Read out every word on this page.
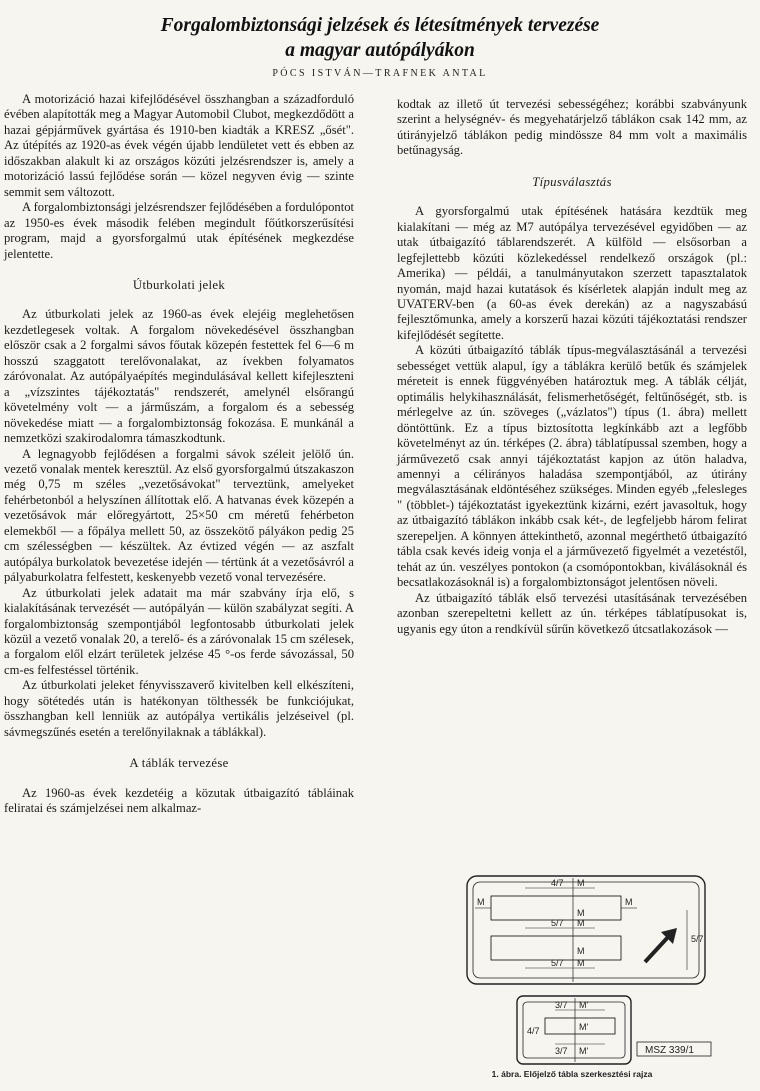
Forgalombiztonsági jelzések és létesítmények tervezése
a magyar autópályákon
PÓCS ISTVÁN—TRAFNEK ANTAL

A motorizáció hazai kifejlődésével összhangban a századforduló évében alapították meg a Magyar Automobil Clubot, megkezdődött a hazai gépjárművek gyártása és 1910-ben kiadták a KRESZ „ősét". Az útépítés az 1920-as évek végén újabb lendületet vett és ebben az időszakban alakult ki az országos közúti jelzésrendszer is, amely a motorizáció lassú fejlődése során — közel negyven évig — szinte semmit sem változott.

A forgalombiztonsági jelzésrendszer fejlődésében a fordulópontot az 1950-es évek második felében megindult főútkorszerűsítési program, majd a gyorsforgalmú utak építésének megkezdése jelentette.

Útburkolati jelek

Az útburkolati jelek az 1960-as évek elejéig meglehetősen kezdetlegesek voltak. A forgalom növekedésével összhangban először csak a 2 forgalmi sávos főutak közepén festettek fel 6—6 m hosszú szaggatott terelővonalakat, az ívekben folyamatos záróvonalat. Az autópályaépítés megindulásával kellett kifejleszteni a „vízszintes tájékoztatás" rendszerét, amelynél elsőrangú követelmény volt — a járműszám, a forgalom és a sebesség növekedése miatt — a forgalombiztonság fokozása. E munkánál a nemzetközi szakirodalomra támaszkodtunk.

A legnagyobb fejlődésen a forgalmi sávok széleit jelölő ún. vezető vonalak mentek keresztül. Az első gyorsforgalmú útszakaszon még 0,75 m széles „vezetősávokat" terveztünk, amelyeket fehérbetonból a helyszínen állítottak elő. A hatvanas évek közepén a vezetősávok már előregyártott, 25×50 cm méretű fehérbeton elemekből — a főpálya mellett 50, az összekötő pályákon pedig 25 cm szélességben — készültek. Az évtized végén — az aszfalt autópálya burkolatok bevezetése idején — tértünk át a vezetősávról a pályaburkolatra felfestett, keskenyebb vezető vonal tervezésére.

Az útburkolati jelek adatait ma már szabvány írja elő, s kialakításának tervezését — autópályán — külön szabályzat segíti. A forgalombiztonság szempontjából legfontosabb útburkolati jelek közül a vezető vonalak 20, a terelő- és a záróvonalak 15 cm szélesek, a forgalom elől elzárt területek jelzése 45 °-os ferde sávozással, 50 cm-es felfestéssel történik.

Az útburkolati jeleket fényvisszaverő kivitelben kell elkészíteni, hogy sötétedés után is hatékonyan tölthessék be funkciójukat, összhangban kell lenniük az autópálya vertikális jelzéseivel (pl. sávmegszűnés esetén a terelőnyilaknak a táblákkal).

A táblák tervezése

Az 1960-as évek kezdetéig a közutak útbaigazító tábláinak feliratai és számjelzései nem alkalmaz-

kodtak az illető út tervezési sebességéhez; korábbi szabványunk szerint a helységnév- és megyehatárjelző táblákon csak 142 mm, az útirányjelző táblákon pedig mindössze 84 mm volt a maximális betűnagyság.

Típusválasztás

A gyorsforgalmú utak építésének hatására kezdtük meg kialakítani — még az M7 autópálya tervezésével egyidőben — az utak útbaigazító táblarendszerét. A külföld — elsősorban a legfejlettebb közúti közlekedéssel rendelkező országok (pl.: Amerika) — példái, a tanulmányutakon szerzett tapasztalatok nyomán, majd hazai kutatások és kísérletek alapján indult meg az UVATERV-ben (a 60-as évek derekán) az a nagyszabású fejlesztőmunka, amely a korszerű hazai közúti tájékoztatási rendszer kifejlődését segítette.

A közúti útbaigazító táblák típus-megválasztásánál a tervezési sebességet vettük alapul, így a táblákra kerülő betűk és számjelek méreteit is ennek függvényében határoztuk meg. A táblák célját, optimális helykihasználását, felismerhetőségét, feltűnőségét, stb. is mérlegelve az ún. szöveges („vázlatos") típus (1. ábra) mellett döntöttünk. Ez a típus biztosította legkínkább azt a legfőbb követelményt az ún. térképes (2. ábra) táblatípussal szemben, hogy a járművezető csak annyi tájékoztatást kapjon az útön haladva, amennyi a célirányos haladása szempontjából, az útirány megválasztásának eldöntéséhez szükséges. Minden egyéb „felesleges " (többlet-) tájékoztatást igyekeztünk kizárni, ezért javasoltuk, hogy az útbaigazító táblákon inkább csak két-, de legfeljebb három felirat szerepeljen. A könnyen áttekinthető, azonnal megérthető útbaigazító tábla csak kevés ideig vonja el a járművezető figyelmét a vezetéstől, tehát az ún. veszélyes pontokon (a csomópontokban, kiválásoknál és becsatlakozásoknál is) a forgalombiztonságot jelentősen növeli.

Az útbaigazító táblák első tervezési utasításának tervezésében azonban szerepeltetni kellett az ún. térképes táblatípusokat is, ugyanis egy úton a rendkívül sűrűn következő útcsatlakozások —

4/7 M
M	M
M
5/7 M
M
5/7 M
5/7
3/7 M'
M'
4/7
3/7 M'	MSZ 339/1
1. ábra. Előjelző tábla szerkesztési rajza
